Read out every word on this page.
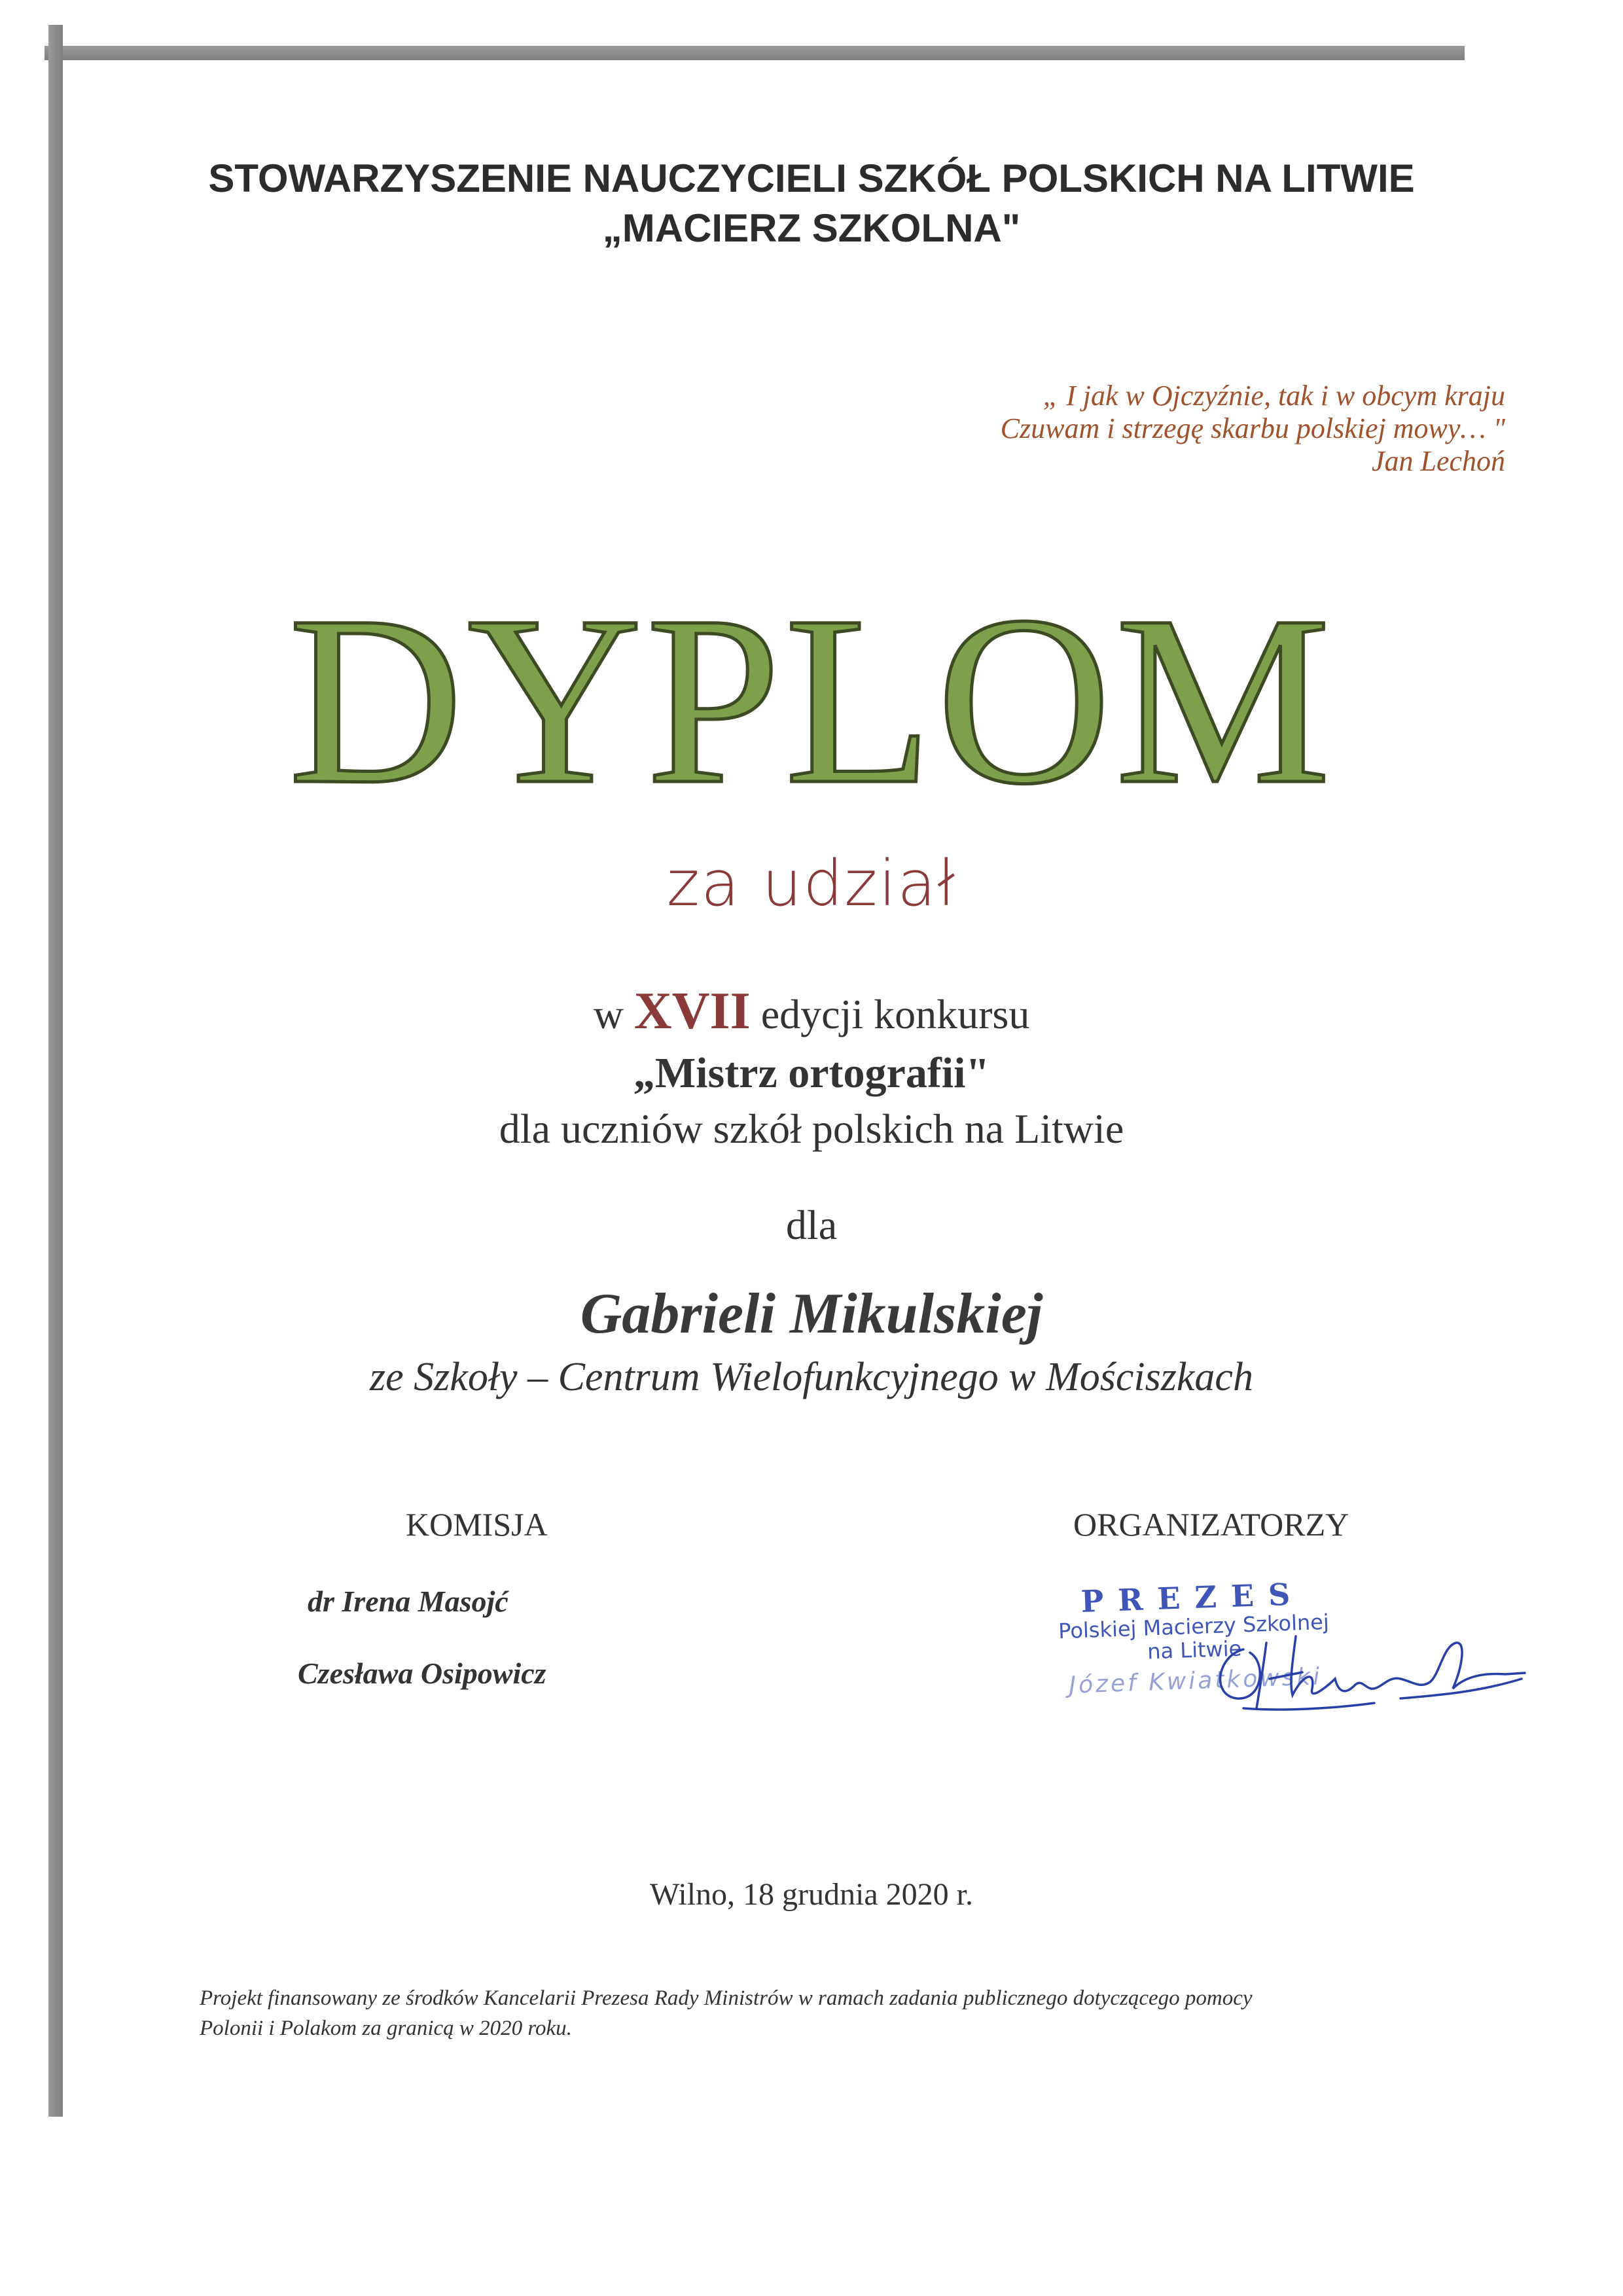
STOWARZYSZENIE NAUCZYCIELI SZKÓŁ POLSKICH NA LITWIE
„MACIERZ SZKOLNA"
„ I jak w Ojczyźnie, tak i w obcym kraju
Czuwam i strzegę skarbu polskiej mowy… "
Jan Lechoń
DYPLOM
za udział
w XVII edycji konkursu
„Mistrz ortografii"
dla uczniów szkół polskich na Litwie
dla
Gabrieli Mikulskiej
ze Szkoły – Centrum Wielofunkcyjnego w Mościszkach
KOMISJA
dr Irena Masojć
Czesława Osipowicz
ORGANIZATORZY
PREZES
Polskiej Macierzy Szkolnej
na Litwie
Józef Kwiatkowski
Wilno, 18 grudnia 2020 r.
Projekt finansowany ze środków Kancelarii Prezesa Rady Ministrów w ramach zadania publicznego dotyczącego pomocy
Polonii i Polakom za granicą w 2020 roku.
